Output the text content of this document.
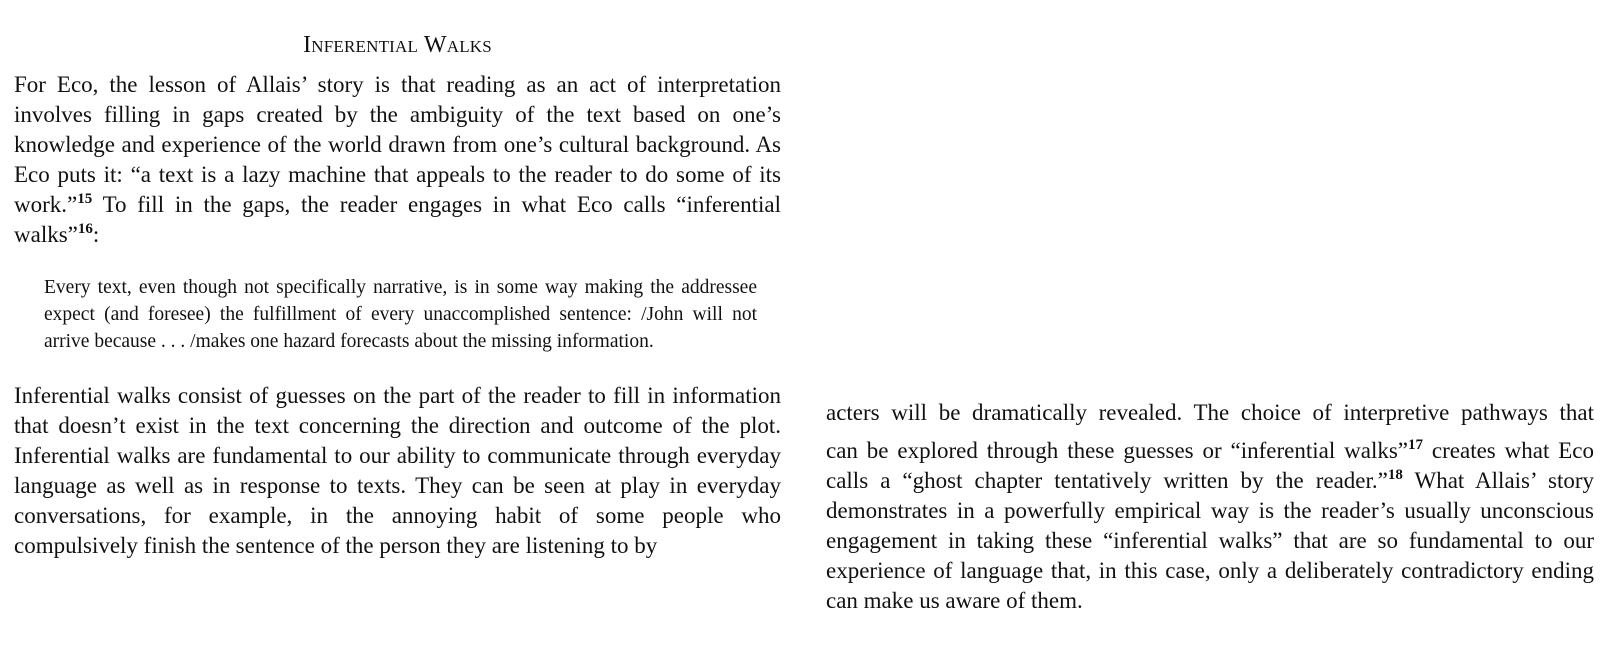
Inferential Walks

For Eco, the lesson of Allais’ story is that reading as an act of interpretation involves filling in gaps created by the ambiguity of the text based on one’s knowledge and experience of the world drawn from one’s cultural background. As Eco puts it: “a text is a lazy machine that appeals to the reader to do some of its work.”$^{15}$ To fill in the gaps, the reader engages in what Eco calls “inferential walks”$^{16}$:

Every text, even though not specifically narrative, is in some way making the addressee expect (and foresee) the fulfillment of every unaccomplished sentence: /John will not arrive because . . . /makes one hazard forecasts about the missing information.

Inferential walks consist of guesses on the part of the reader to fill in information that doesn’t exist in the text concerning the direction and outcome of the plot. Inferential walks are fundamental to our ability to communicate through everyday language as well as in response to texts. They can be seen at play in everyday conversations, for example, in the annoying habit of some people who compulsively finish the sentence of the person they are listening to by

acters will be dramatically revealed. The choice of interpretive pathways that

can be explored through these guesses or “inferential walks”$^{17}$ creates what Eco calls a “ghost chapter tentatively written by the reader.”$^{18}$ What Allais’ story demonstrates in a powerfully empirical way is the reader’s usually unconscious engagement in taking these “inferential walks” that are so fundamental to our experience of language that, in this case, only a deliberately contradictory ending can make us aware of them.
